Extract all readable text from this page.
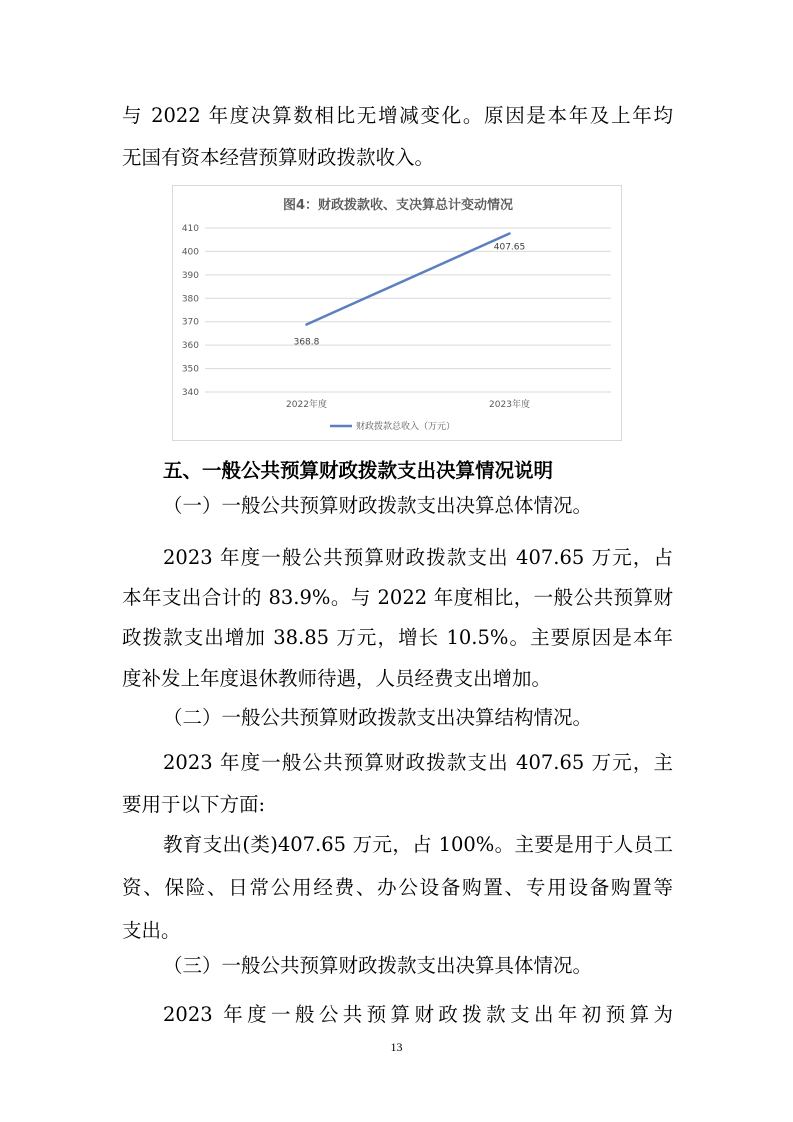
与 2022 年度决算数相比无增减变化。原因是本年及上年均
无国有资本经营预算财政拨款收入。
图4：财政拨款收、支决算总计变动情况
340
350
360
370
380
390
400
410
2022年度	2023年度
368.8
407.65
财政拨款总收入（万元）
五、一般公共预算财政拨款支出决算情况说明
（一）一般公共预算财政拨款支出决算总体情况。
2023 年度一般公共预算财政拨款支出 407.65 万元，占
本年支出合计的 83.9%。与 2022 年度相比，一般公共预算财
政拨款支出增加 38.85 万元，增长 10.5%。主要原因是本年
度补发上年度退休教师待遇，人员经费支出增加。
（二）一般公共预算财政拨款支出决算结构情况。
2023 年度一般公共预算财政拨款支出 407.65 万元，主
要用于以下方面:
教育支出(类)407.65 万元，占 100%。主要是用于人员工
资、保险、日常公用经费、办公设备购置、专用设备购置等
支出。
（三）一般公共预算财政拨款支出决算具体情况。
2023 年度一般公共预算财政拨款支出年初预算为
13
